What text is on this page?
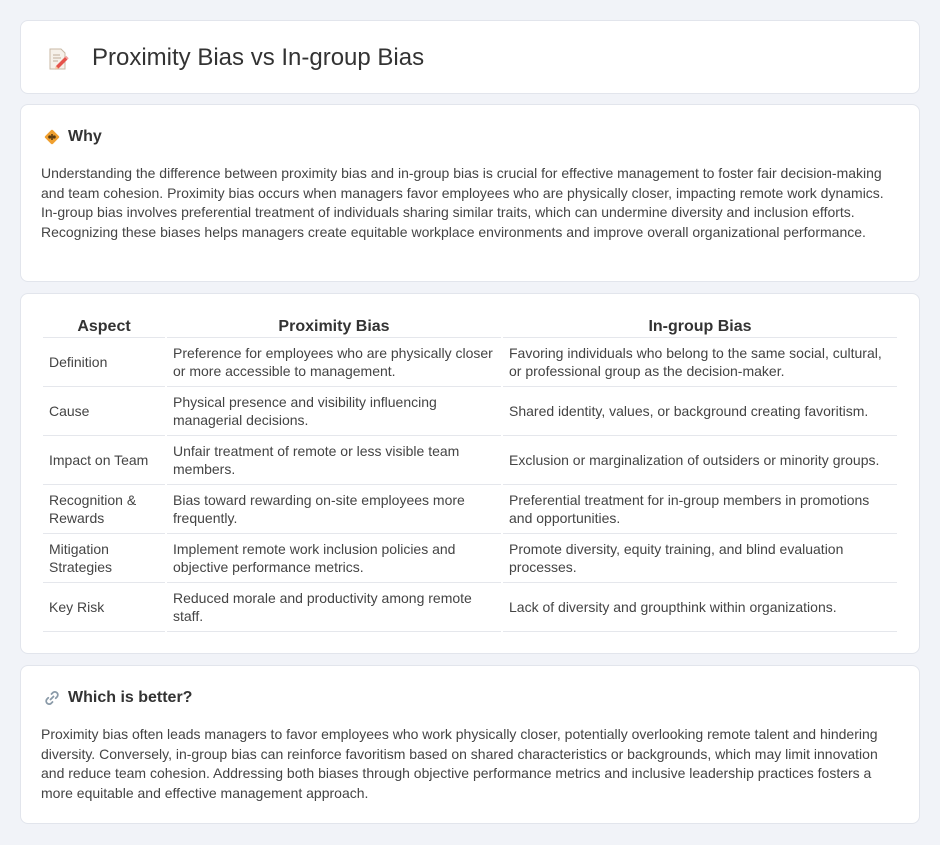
Proximity Bias vs In-group Bias
Why

Understanding the difference between proximity bias and in-group bias is crucial for effective management to foster fair decision-making and team cohesion. Proximity bias occurs when managers favor employees who are physically closer, impacting remote work dynamics. In-group bias involves preferential treatment of individuals sharing similar traits, which can undermine diversity and inclusion efforts. Recognizing these biases helps managers create equitable workplace environments and improve overall organizational performance.

Aspect	Proximity Bias	In-group Bias
Definition	Preference for employees who are physically closer or more accessible to management.	Favoring individuals who belong to the same social, cultural, or professional group as the decision-maker.
Cause	Physical presence and visibility influencing managerial decisions.	Shared identity, values, or background creating favoritism.
Impact on Team	Unfair treatment of remote or less visible team members.	Exclusion or marginalization of outsiders or minority groups.
Recognition & Rewards	Bias toward rewarding on-site employees more frequently.	Preferential treatment for in-group members in promotions and opportunities.
Mitigation Strategies	Implement remote work inclusion policies and objective performance metrics.	Promote diversity, equity training, and blind evaluation processes.
Key Risk	Reduced morale and productivity among remote staff.	Lack of diversity and groupthink within organizations.
Which is better?

Proximity bias often leads managers to favor employees who work physically closer, potentially overlooking remote talent and hindering diversity. Conversely, in-group bias can reinforce favoritism based on shared characteristics or backgrounds, which may limit innovation and reduce team cohesion. Addressing both biases through objective performance metrics and inclusive leadership practices fosters a more equitable and effective management approach.
